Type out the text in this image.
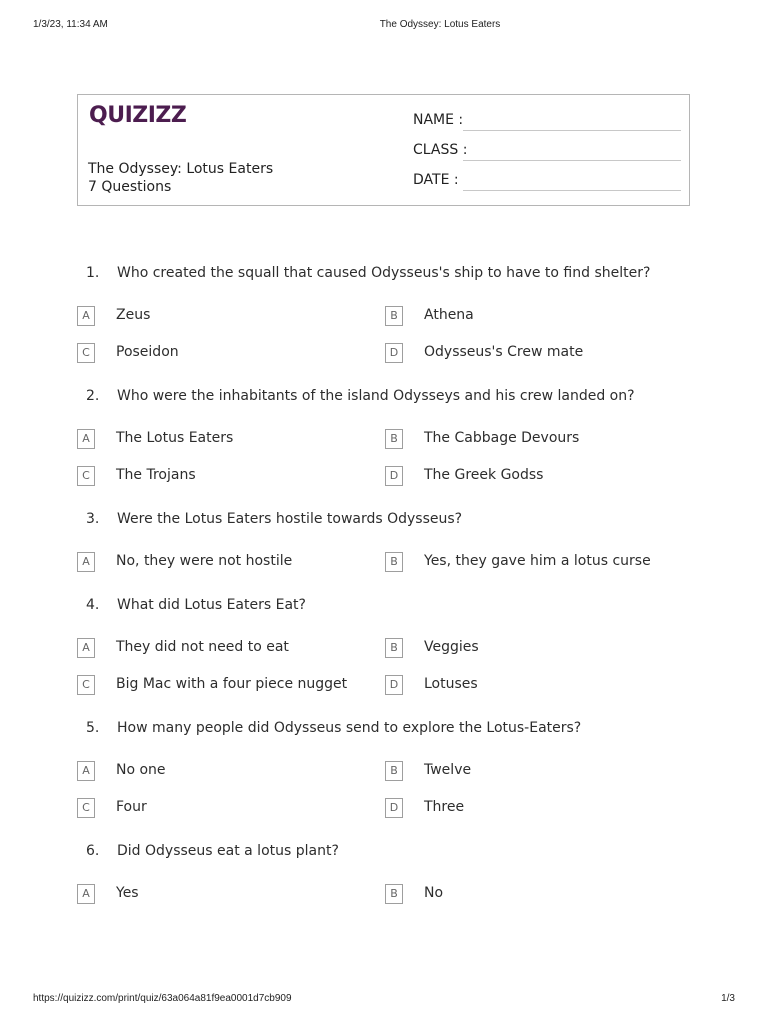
1/3/23, 11:34 AM	The Odyssey: Lotus Eaters
QUIZIZZ
The Odyssey: Lotus Eaters
7 Questions
NAME :
CLASS :
DATE :
1. Who created the squall that caused Odysseus's ship to have to find shelter?
A	Zeus	B	Athena
C	Poseidon	D	Odysseus's Crew mate
2. Who were the inhabitants of the island Odysseys and his crew landed on?
A	The Lotus Eaters	B	The Cabbage Devours
C	The Trojans	D	The Greek Godss
3. Were the Lotus Eaters hostile towards Odysseus?
A	No, they were not hostile	B	Yes, they gave him a lotus curse
4. What did Lotus Eaters Eat?
A	They did not need to eat	B	Veggies
C	Big Mac with a four piece nugget	D	Lotuses
5. How many people did Odysseus send to explore the Lotus-Eaters?
A	No one	B	Twelve
C	Four	D	Three
6. Did Odysseus eat a lotus plant?
A	Yes	B	No
https://quizizz.com/print/quiz/63a064a81f9ea0001d7cb909	1/3
